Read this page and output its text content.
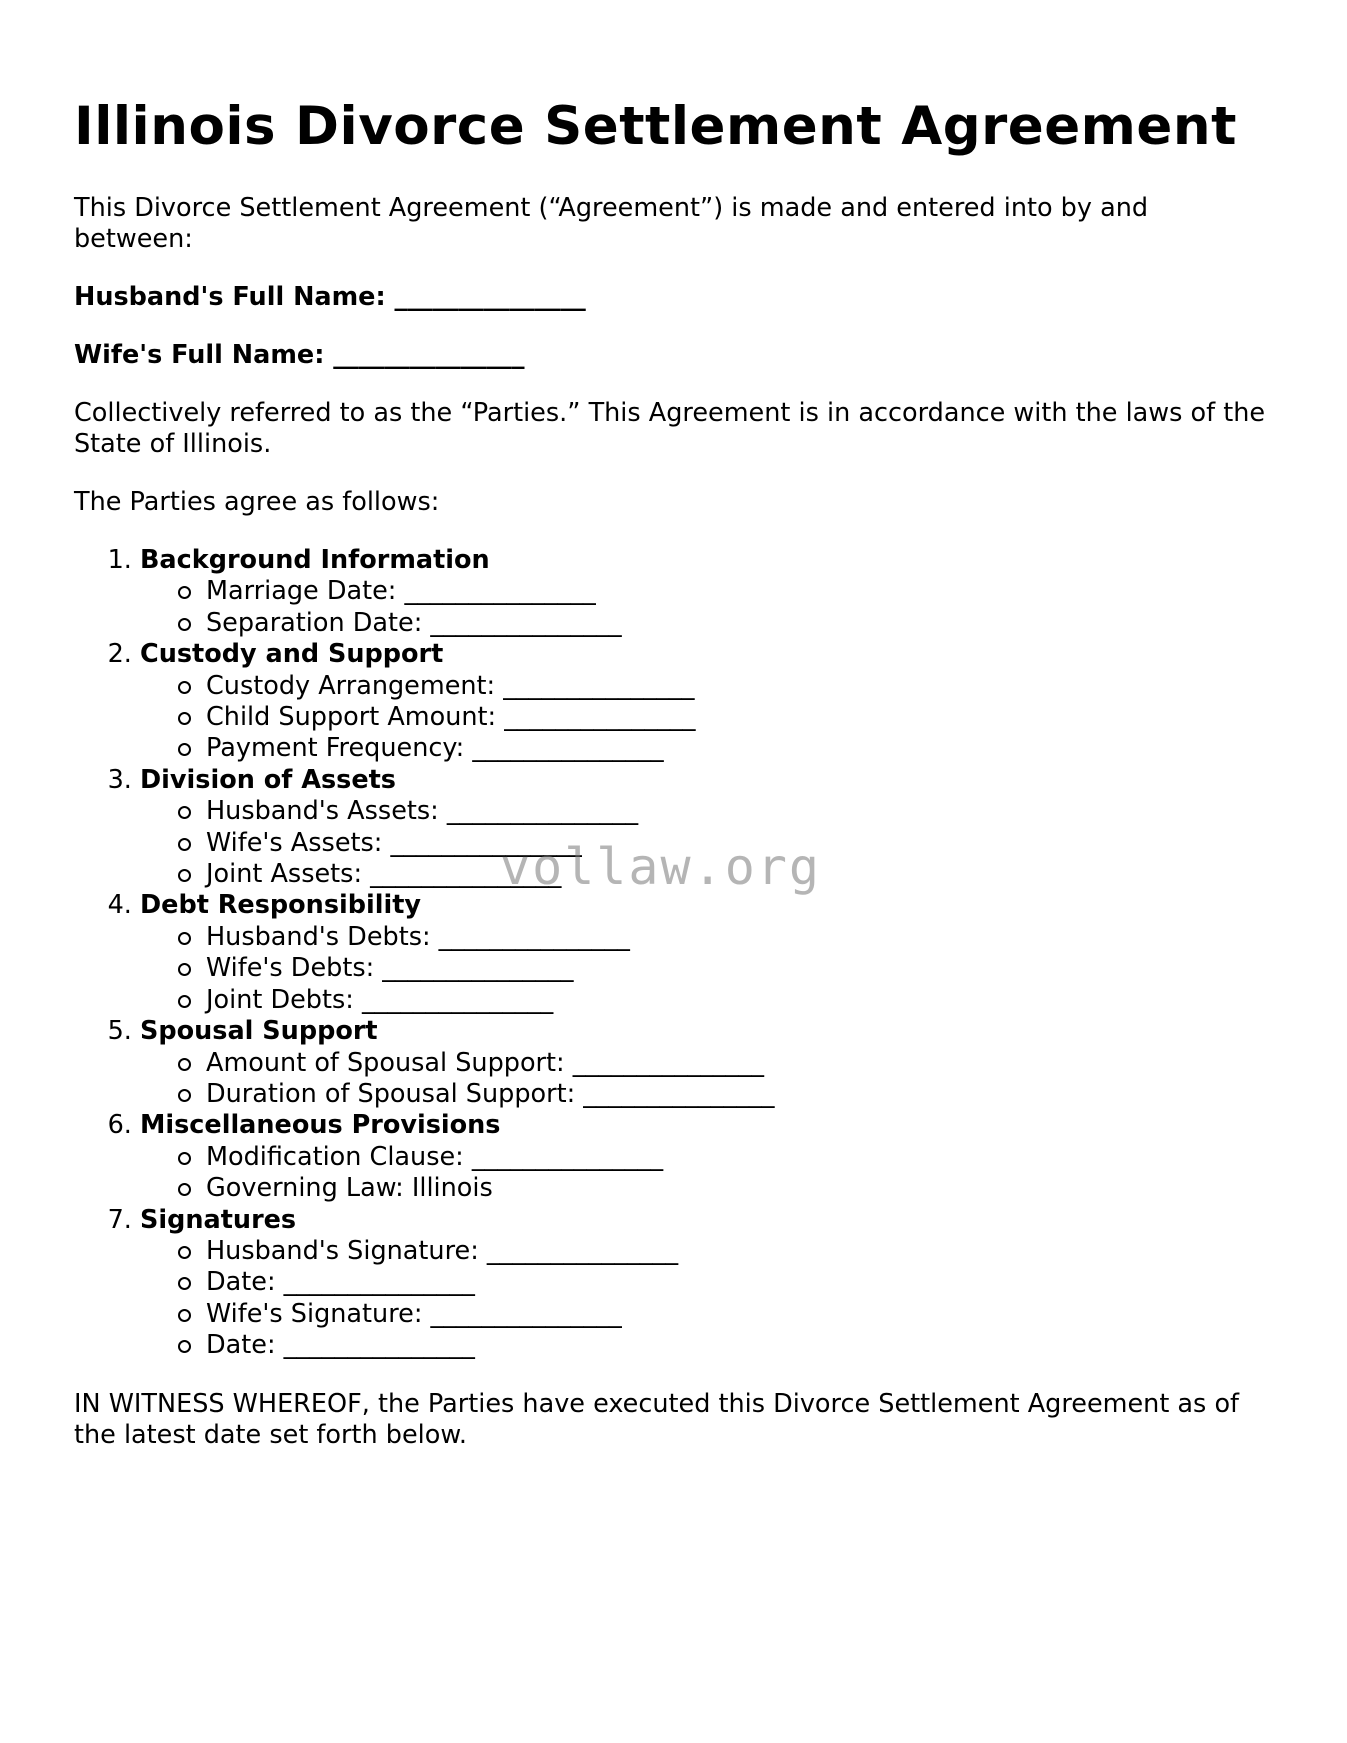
Illinois Divorce Settlement Agreement

This Divorce Settlement Agreement (“Agreement”) is made and entered into by and between:

Husband's Full Name: _______________

Wife's Full Name: _______________

Collectively referred to as the “Parties.” This Agreement is in accordance with the laws of the State of Illinois.

The Parties agree as follows:

1. Background Information
Marriage Date: _______________
Separation Date: _______________
2. Custody and Support
Custody Arrangement: _______________
Child Support Amount: _______________
Payment Frequency: _______________
3. Division of Assets
Husband's Assets: _______________
Wife's Assets: _______________
Joint Assets: _______________
4. Debt Responsibility
Husband's Debts: _______________
Wife's Debts: _______________
Joint Debts: _______________
5. Spousal Support
Amount of Spousal Support: _______________
Duration of Spousal Support: _______________
6. Miscellaneous Provisions
Modification Clause: _______________
Governing Law: Illinois
7. Signatures
Husband's Signature: _______________
Date: _______________
Wife's Signature: _______________
Date: _______________

IN WITNESS WHEREOF, the Parties have executed this Divorce Settlement Agreement as of the latest date set forth below.

vollaw.org
